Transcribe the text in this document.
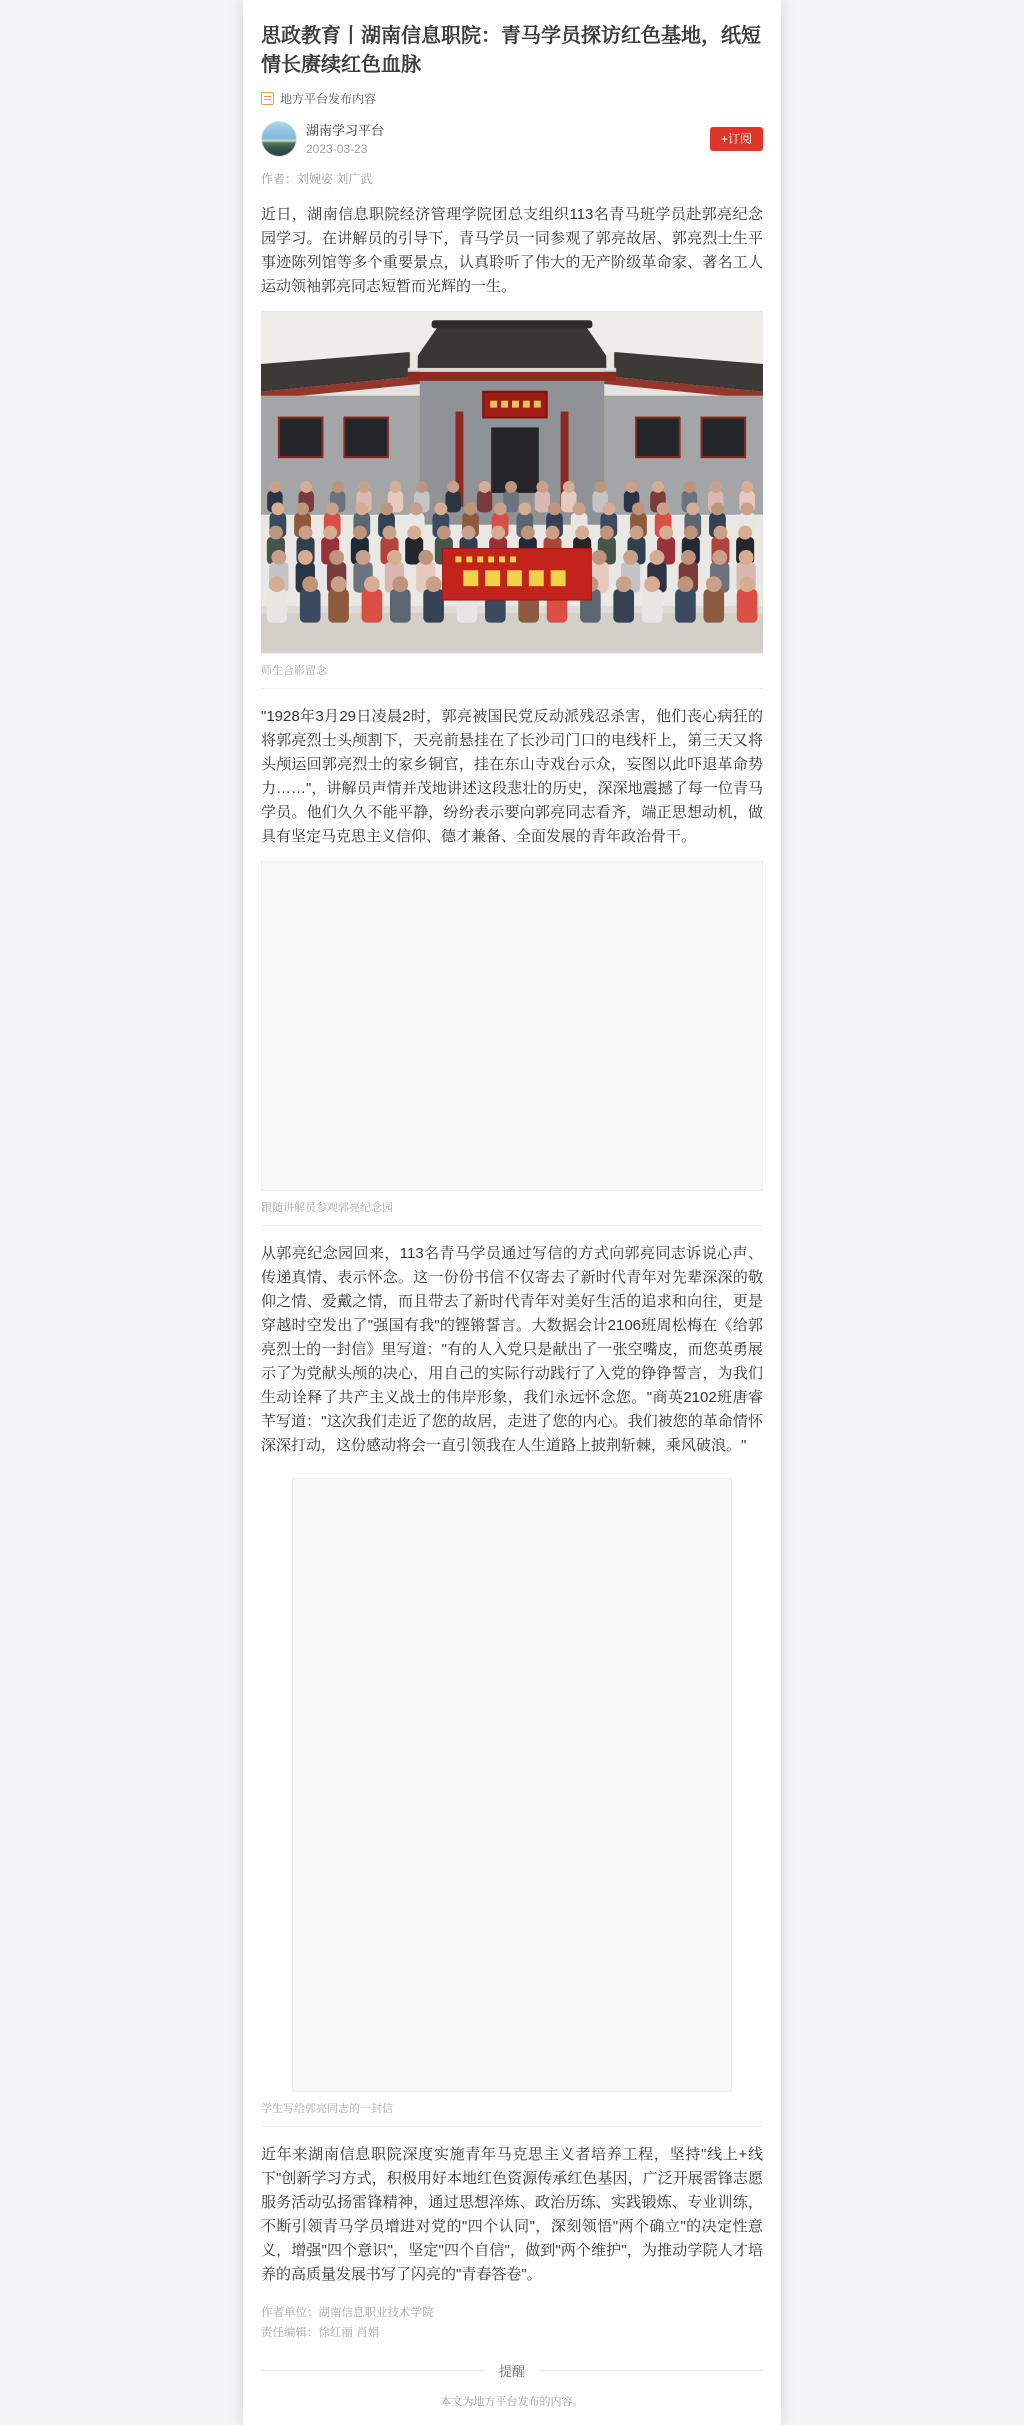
思政教育丨湖南信息职院：青马学员探访红色基地，纸短情长赓续红色血脉
地方平台发布内容
湖南学习平台
2023-03-23
+订阅
作者：刘婉姿 刘广武

近日，湖南信息职院经济管理学院团总支组织113名青马班学员赴郭亮纪念园学习。在讲解员的引导下，青马学员一同参观了郭亮故居、郭亮烈士生平事迹陈列馆等多个重要景点，认真聆听了伟大的无产阶级革命家、著名工人运动领袖郭亮同志短暂而光辉的一生。

师生合影留念

"1928年3月29日凌晨2时，郭亮被国民党反动派残忍杀害，他们丧心病狂的将郭亮烈士头颅割下，天亮前悬挂在了长沙司门口的电线杆上，第三天又将头颅运回郭亮烈士的家乡铜官，挂在东山寺戏台示众，妄图以此吓退革命势力……"，讲解员声情并茂地讲述这段悲壮的历史，深深地震撼了每一位青马学员。他们久久不能平静，纷纷表示要向郭亮同志看齐，端正思想动机，做具有坚定马克思主义信仰、德才兼备、全面发展的青年政治骨干。

跟随讲解员参观郭亮纪念园

从郭亮纪念园回来，113名青马学员通过写信的方式向郭亮同志诉说心声、传递真情、表示怀念。这一份份书信不仅寄去了新时代青年对先辈深深的敬仰之情、爱戴之情，而且带去了新时代青年对美好生活的追求和向往，更是穿越时空发出了"强国有我"的铿锵誓言。大数据会计2106班周松梅在《给郭亮烈士的一封信》里写道："有的人入党只是献出了一张空嘴皮，而您英勇展示了为党献头颅的决心，用自己的实际行动践行了入党的铮铮誓言，为我们生动诠释了共产主义战士的伟岸形象，我们永远怀念您。"商英2102班唐睿芊写道："这次我们走近了您的故居，走进了您的内心。我们被您的革命情怀深深打动，这份感动将会一直引领我在人生道路上披荆斩棘，乘风破浪。"

学生写给郭亮同志的一封信

近年来湖南信息职院深度实施青年马克思主义者培养工程，坚持"线上+线下"创新学习方式，积极用好本地红色资源传承红色基因，广泛开展雷锋志愿服务活动弘扬雷锋精神，通过思想淬炼、政治历练、实践锻炼、专业训练，不断引领青马学员增进对党的"四个认同"，深刻领悟"两个确立"的决定性意义，增强"四个意识"，坚定"四个自信"，做到"两个维护"，为推动学院人才培养的高质量发展书写了闪亮的"青春答卷"。

作者单位：湖南信息职业技术学院
责任编辑：徐红丽 肖娟
提醒
本文为地方平台发布的内容。
